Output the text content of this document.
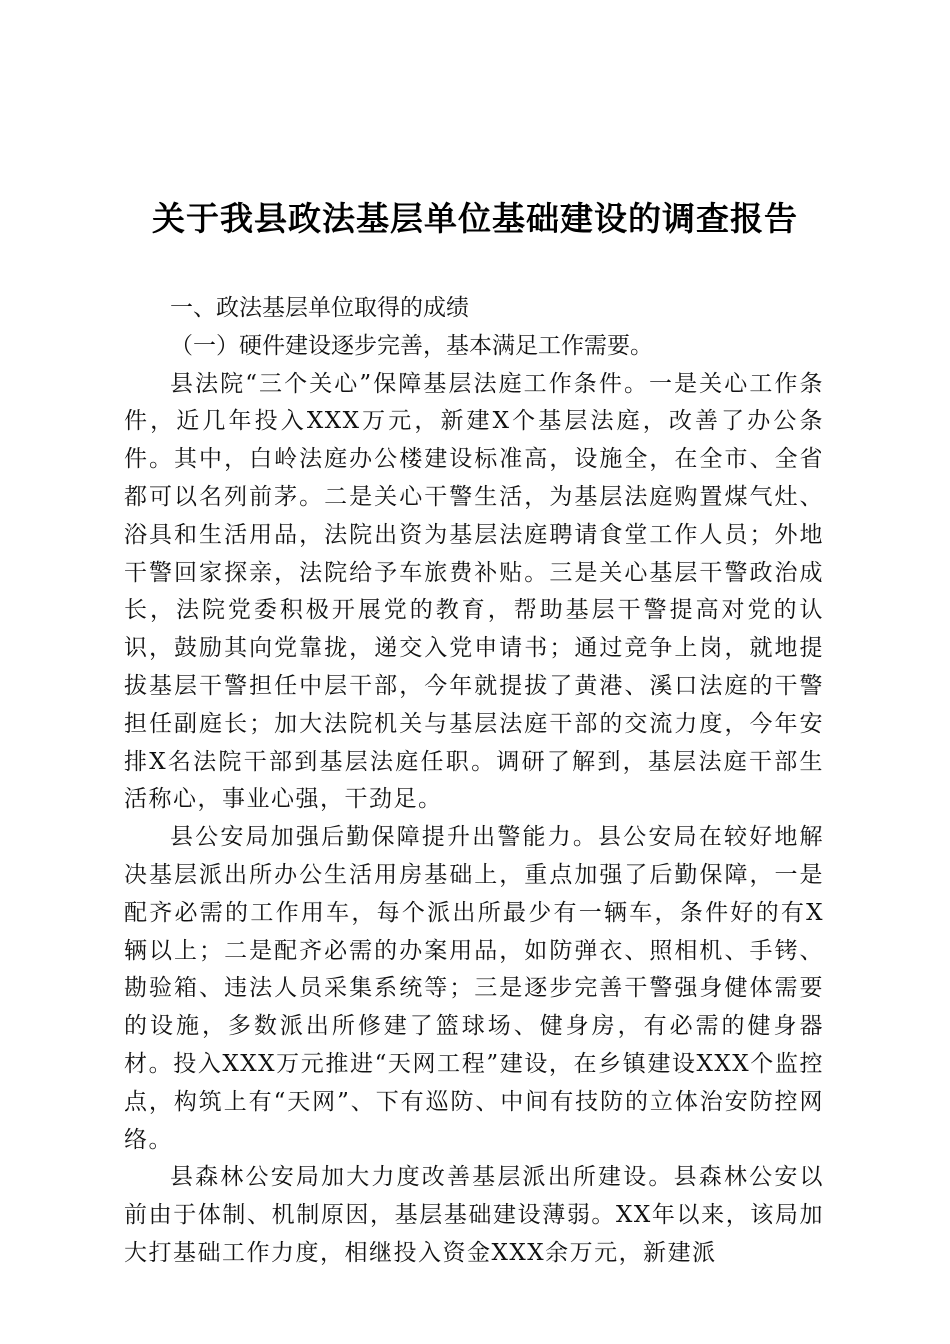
关于我县政法基层单位基础建设的调查报告
一、政法基层单位取得的成绩
（一）硬件建设逐步完善，基本满足工作需要。

县法院“三个关心”保障基层法庭工作条件。一是关心工作条件，近几年投入XXX万元，新建X个基层法庭，改善了办公条件。其中，白岭法庭办公楼建设标准高，设施全，在全市、全省都可以名列前茅。二是关心干警生活，为基层法庭购置煤气灶、浴具和生活用品，法院出资为基层法庭聘请食堂工作人员；外地干警回家探亲，法院给予车旅费补贴。三是关心基层干警政治成长，法院党委积极开展党的教育，帮助基层干警提高对党的认识，鼓励其向党靠拢，递交入党申请书；通过竞争上岗，就地提拔基层干警担任中层干部，今年就提拔了黄港、溪口法庭的干警担任副庭长；加大法院机关与基层法庭干部的交流力度，今年安排X名法院干部到基层法庭任职。调研了解到，基层法庭干部生活称心，事业心强，干劲足。

县公安局加强后勤保障提升出警能力。县公安局在较好地解决基层派出所办公生活用房基础上，重点加强了后勤保障，一是配齐必需的工作用车，每个派出所最少有一辆车，条件好的有X辆以上；二是配齐必需的办案用品，如防弹衣、照相机、手铐、勘验箱、违法人员采集系统等；三是逐步完善干警强身健体需要的设施，多数派出所修建了篮球场、健身房，有必需的健身器材。投入XXX万元推进“天网工程”建设，在乡镇建设XXX个监控点，构筑上有“天网”、下有巡防、中间有技防的立体治安防控网络。

县森林公安局加大力度改善基层派出所建设。县森林公安以前由于体制、机制原因，基层基础建设薄弱。XX年以来，该局加大打基础工作力度，相继投入资金XXX余万元，新建派
